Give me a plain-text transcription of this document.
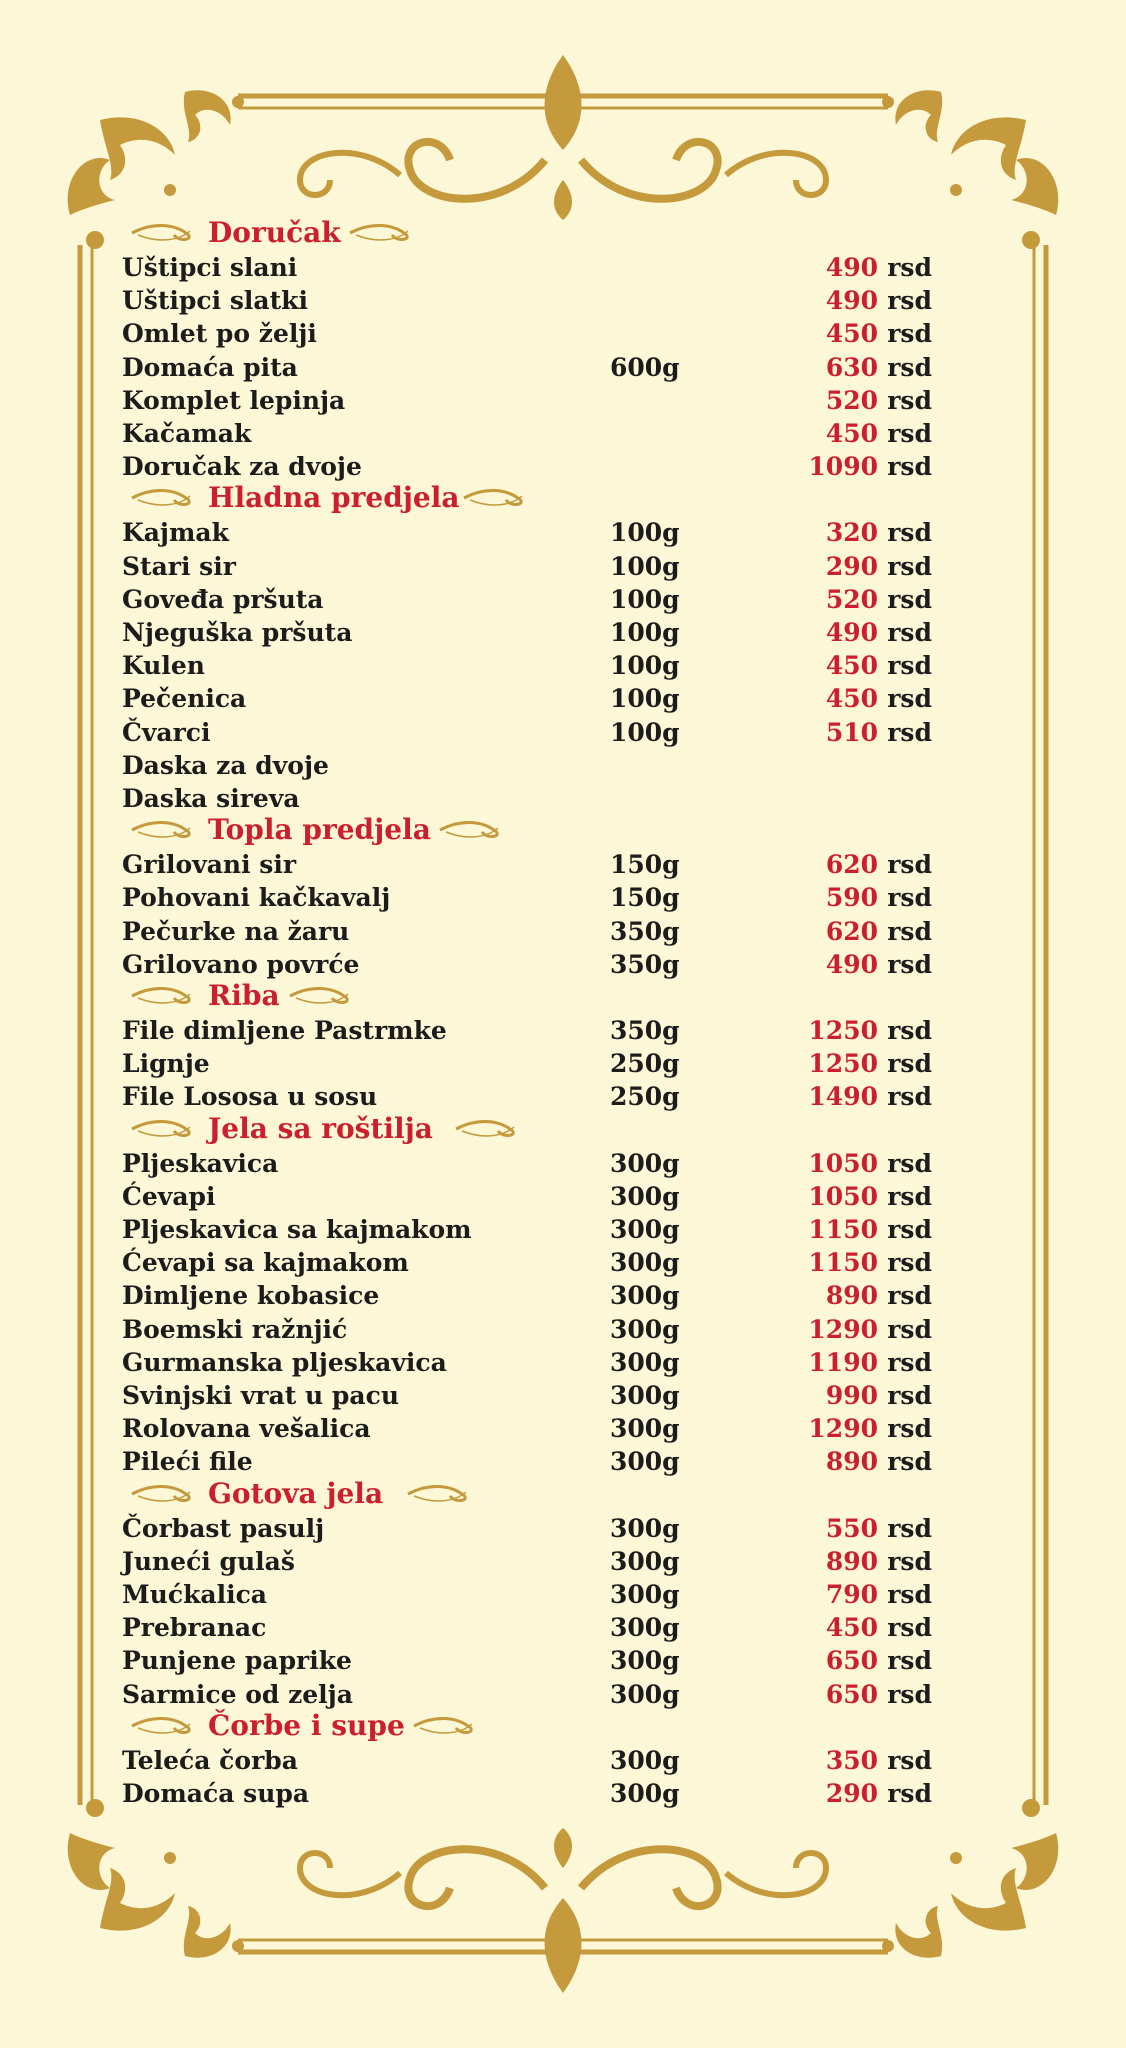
Doručak
Uštipci slani	490 rsd
Uštipci slatki	490 rsd
Omlet po želji	450 rsd
Domaća pita	600g	630 rsd
Komplet lepinja	520 rsd
Kačamak	450 rsd
Doručak za dvoje	1090 rsd
Hladna predjela
Kajmak	100g	320 rsd
Stari sir	100g	290 rsd
Goveđa pršuta	100g	520 rsd
Njeguška pršuta	100g	490 rsd
Kulen	100g	450 rsd
Pečenica	100g	450 rsd
Čvarci	100g	510 rsd
Daska za dvoje
Daska sireva
Topla predjela
Grilovani sir	150g	620 rsd
Pohovani kačkavalj	150g	590 rsd
Pečurke na žaru	350g	620 rsd
Grilovano povrće	350g	490 rsd
Riba
File dimljene Pastrmke	350g	1250 rsd
Lignje	250g	1250 rsd
File Lososa u sosu	250g	1490 rsd
Jela sa roštilja
Pljeskavica	300g	1050 rsd
Ćevapi	300g	1050 rsd
Pljeskavica sa kajmakom	300g	1150 rsd
Ćevapi sa kajmakom	300g	1150 rsd
Dimljene kobasice	300g	890 rsd
Boemski ražnjić	300g	1290 rsd
Gurmanska pljeskavica	300g	1190 rsd
Svinjski vrat u pacu	300g	990 rsd
Rolovana vešalica	300g	1290 rsd
Pileći file	300g	890 rsd
Gotova jela
Čorbast pasulj	300g	550 rsd
Juneći gulaš	300g	890 rsd
Mućkalica	300g	790 rsd
Prebranac	300g	450 rsd
Punjene paprike	300g	650 rsd
Sarmice od zelja	300g	650 rsd
Čorbe i supe
Teleća čorba	300g	350 rsd
Domaća supa	300g	290 rsd
